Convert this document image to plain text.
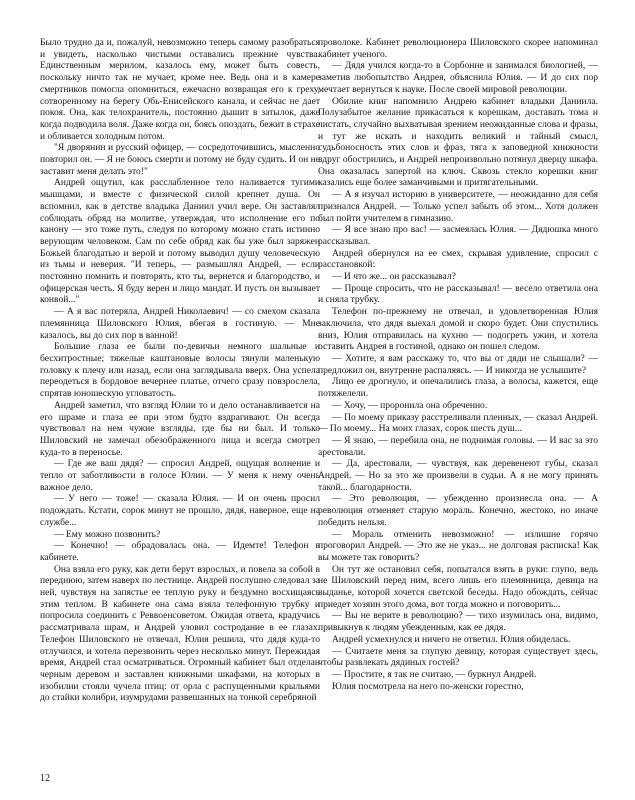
Было трудно да и, пожалуй, невозможно теперь самому разобраться и увидеть, насколько чистыми оставались прежние чувства. Единственным мерилом, казалось ему, может быть совесть, поскольку ничто так не мучает, кроме нее. Ведь она и в камере смертников помогла опомниться, ежечасно возвращая его к греху, сотворенному на берегу Обь-Енисейского канала, и сейчас не дает покоя. Она, как телохранитель, постоянно дышит в затылок, даже когда подводила воля. Даже когда он, боясь опоздать, бежит в страхе и обливается холодным потом.

"Я дворянин и русский офицер, — сосредоточившись, мысленно повторил он. — Я не боюсь смерти и потому не буду судить. И он не заставит меня делать это!"

Андрей ощутил, как расслабленное тело наливается тугими мышцами, и вместе с физической силой крепнет душа. Он вспомнил, как в детстве владыка Даниил учил вере. Он заставлял соблюдать обряд на молитве, утверждая, что исполнение его по канону — это тоже путь, следуя по которому можно стать истинно верующим человеком. Сам по себе обряд как бы уже был заряжен Божьей благодатью и верой и потому выводил душу человеческую из тьмы и неверия. "И теперь, — размышлял Андрей, — если постоянно помнить и повторять, кто ты, вернется и благородство, и офицерская честь. Я буду верен и лицо мандат. И пусть он вызывает конвой..."

— А я вас потеряла, Андрей Николаевич! — со смехом сказала племянница Шиловского Юлия, вбегая в гостиную. — Мне казалось, вы до сих пор в ванной!

Большие глаза ее были по-девичьи немного шальные и бесхитростные; тяжелые каштановые волосы тянули маленькую головку к плечу или назад, если она заглядывала вверх. Она успела переодеться в бордовое вечернее платье, отчего сразу повзрослела, спрятав юношескую угловатость.

Андрей заметил, что взгляд Юлии то и дело останавливается на его шраме и глаза ее при этом будто вздрагивают. Он всегда чувствовал на нем чужие взгляды, где бы ни был. И только Шиловский не замечал обезображенного лица и всегда смотрел куда-то в переносье.

— Где же ваш дядя? — спросил Андрей, ощущая волнение и тепло от заботливости в голосе Юлии. — У меня к нему очень важное дело.

— У него — тоже! — сказала Юлия. — И он очень просил подождать. Кстати, сорок минут не прошло, дядя, наверное, еще на службе...

— Ему можно позвонить?

— Конечно! — обрадовалась она. — Идемте! Телефон в кабинете.

Она взяла его руку, как дети берут взрослых, и повела за собой в переднюю, затем наверх по лестнице. Андрей послушно следовал за ней, чувствуя на запястье ее теплую руку и бездумно восхищаясь этим теплом. В кабинете она сама взяла телефонную трубку и попросила соединить с Реввоенсоветом. Ожидая ответа, крадучись рассматривала шрам, и Андрей уловил состродание в ее глазах. Телефон Шиловского не отвечал, Юлия решила, что дядя куда-то отлучился, и хотела перезвонить через несколько минут. Пережидая время, Андрей стал осматриваться. Огромный кабинет был отделан черным деревом и заставлен книжными шкафами, на которых в изобилии стояли чучела птиц: от орла с распущенными крыльями до стайки колибри, изумрудами развешанных на тонкой серебряной

проволоке. Кабинет революционера Шиловского скорее напоминал кабинет ученого.

— Дядя учился когда-то в Сорбонне и занимался биологией, — заметив любопытство Андрея, объяснила Юлия. — И до сих пор мечтает вернуться к науке. После своей мировой революции.

Обилие книг напомнило Андрею кабинет владыки Даниила. Полузабытое желание прикасаться к корешкам, доставать тома и листать, случайно выхватывая зрением неожиданные слова и фразы, и тут же искать и находить великий и тайный смысл, судьбоносность этих слов и фраз, тяга к заповедной книжности вдруг обострились, и Андрей непроизвольно потянул дверцу шкафа. Она оказалась запертой на ключ. Сквозь стекло корешки книг казались еще более заманчивыми и притягательными.

— А я изучал историю в университете, — неожиданно для себя признался Андрей. — Только успел забыть об этом... Хотя должен был пойти учителем в гимназию.

— Я все знаю про вас! — засмеялась Юлия. — Дядюшка много рассказывал.

Андрей обернулся на ее смех, скрывая удивление, спросил с расстановкой:

— И что же... он рассказывал?

— Проще спросить, что не рассказывал! — весело ответила она и сняла трубку.

Телефон по-прежнему не отвечал, и удовлетворенная Юлия заключила, что дядя выехал домой и скоро будет. Они спустились вниз, Юлия отправилась на кухню — подогреть ужин, и хотела оставить Андрея в гостиной, однако он пошел следом.

— Хотите, я вам расскажу то, что вы от дяди не слышали? — предложил он, внутренне распаляясь. — И никогда не услышите?

Лицо ее дрогнуло, и опечалились глаза, а волосы, кажется, еще потяжелели.

— Хочу, — проронила она обреченно.

— По моему приказу расстреливали пленных, — сказал Андрей. — По моему... На моих глазах, сорок шесть душ...

— Я знаю, — перебила она, не поднимая головы. — И вас за это арестовали.

— Да, арестовали, — чувствуя, как деревенеют губы, сказал Андрей. — Но за это же произвели в судьи. А я не могу принять такой... благодарности.

— Это революция, — убежденно произнесла она. — А революция отменяет старую мораль. Конечно, жестоко, но иначе победить нельзя.

— Мораль отменить невозможно! — излишне горячо проговорил Андрей. — Это же не указ... не долговая расписка! Как вы можете так говорить?

Он тут же остановил себя, попытался взять в руки: глупо, ведь не Шиловский перед ним, всего лишь его племянница, девица на выданье, которой хочется светской беседы. Надо обождать, сейчас приедет хозяин этого дома, вот тогда можно и поговорить...

— Вы не верите в революцию? — тихо изумилась она, видимо, привыкнув к людям убежденным, как ее дядя.

Андрей усмехнулся и ничего не ответил. Юлия обиделась.

— Считаете меня за глупую девицу, которая существует здесь, чтобы развлекать дядиных гостей?

— Простите, я так не считаю, — буркнул Андрей.

Юлия посмотрела на него по-женски горестно,

12
